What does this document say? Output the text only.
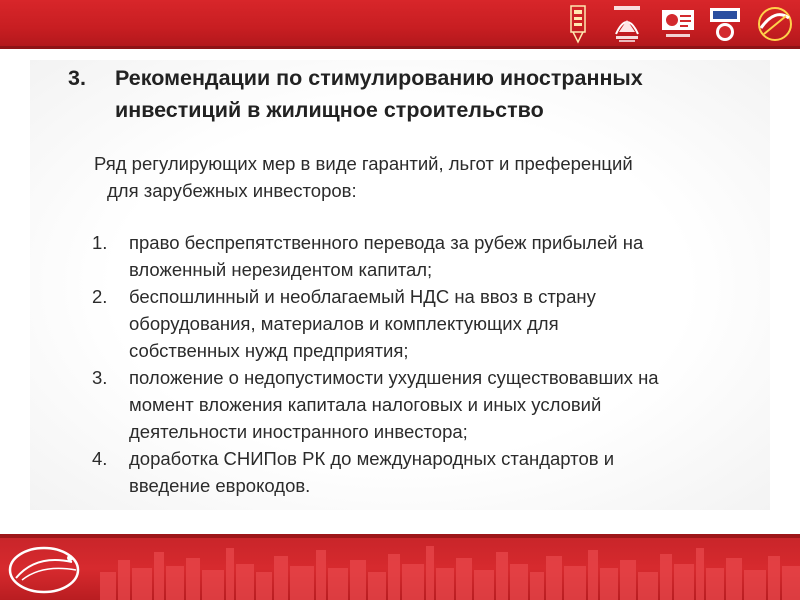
3. Рекомендации по стимулированию иностранных
инвестиций в жилищное строительство
Ряд регулирующих мер в виде гарантий, льгот и преференций
для зарубежных инвесторов:
1.	право беспрепятственного перевода за рубеж прибылей на
вложенный нерезидентом капитал;
2.	беспошлинный и необлагаемый НДС на ввоз в страну
оборудования, материалов и комплектующих для
собственных нужд предприятия;
3.	положение о недопустимости ухудшения существовавших на
момент вложения капитала налоговых и иных условий
деятельности иностранного инвестора;
4.	доработка СНИПов РК до международных стандартов и
введение еврокодов.
